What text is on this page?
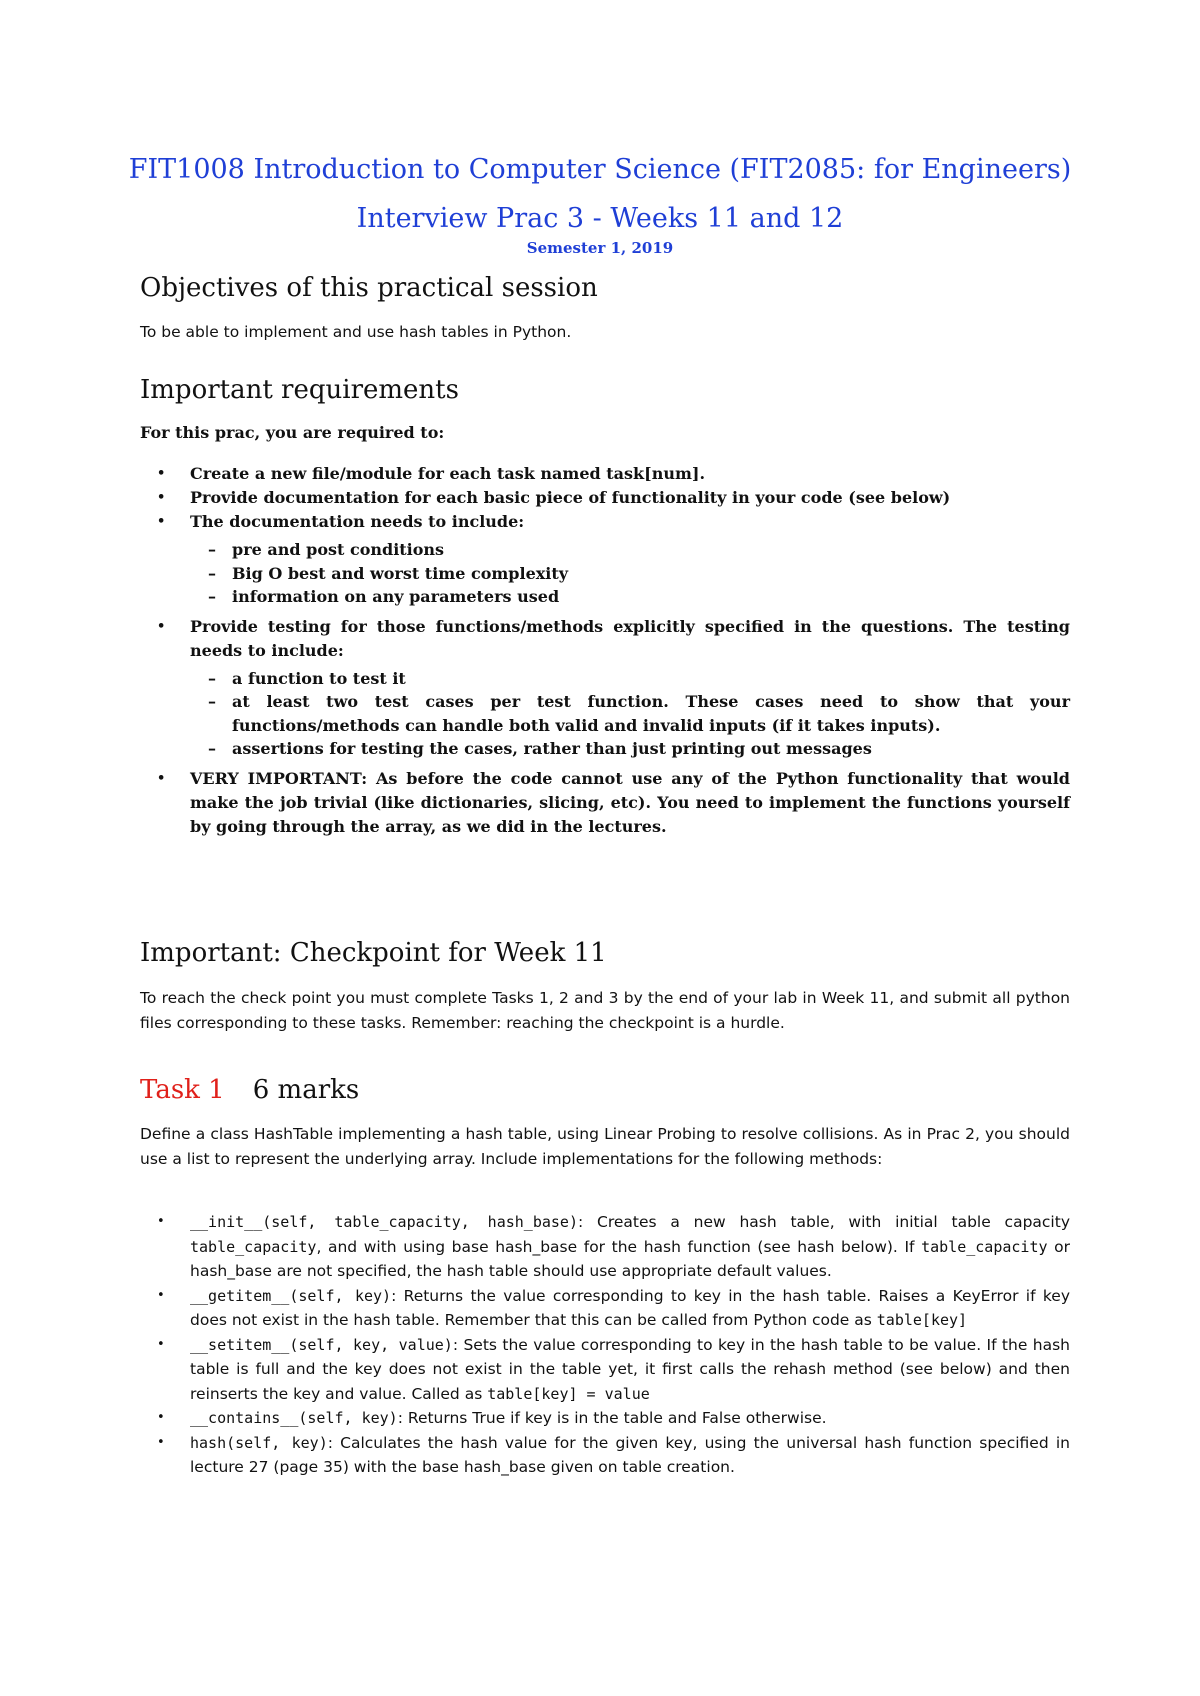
FIT1008 Introduction to Computer Science (FIT2085: for Engineers)
Interview Prac 3 - Weeks 11 and 12
Semester 1, 2019
Objectives of this practical session
To be able to implement and use hash tables in Python.
Important requirements
For this prac, you are required to:
• Create a new file/module for each task named task[num].
• Provide documentation for each basic piece of functionality in your code (see below)
• The documentation needs to include:
– pre and post conditions
– Big O best and worst time complexity
– information on any parameters used
• Provide testing for those functions/methods explicitly specified in the questions. The testing needs to include:
– a function to test it
– at least two test cases per test function. These cases need to show that your functions/methods can handle both valid and invalid inputs (if it takes inputs).
– assertions for testing the cases, rather than just printing out messages
• VERY IMPORTANT: As before the code cannot use any of the Python functionality that would make the job trivial (like dictionaries, slicing, etc). You need to implement the functions yourself by going through the array, as we did in the lectures.
Important: Checkpoint for Week 11
To reach the check point you must complete Tasks 1, 2 and 3 by the end of your lab in Week 11, and submit all python files corresponding to these tasks. Remember: reaching the checkpoint is a hurdle.
Task 1 6 marks
Define a class HashTable implementing a hash table, using Linear Probing to resolve collisions. As in Prac 2, you should use a list to represent the underlying array. Include implementations for the following methods:
• __init__(self, table_capacity, hash_base): Creates a new hash table, with initial table capacity table_capacity, and with using base hash_base for the hash function (see hash below). If table_capacity or hash_base are not specified, the hash table should use appropriate default values.
• __getitem__(self, key): Returns the value corresponding to key in the hash table. Raises a KeyError if key does not exist in the hash table. Remember that this can be called from Python code as table[key]
• __setitem__(self, key, value): Sets the value corresponding to key in the hash table to be value. If the hash table is full and the key does not exist in the table yet, it first calls the rehash method (see below) and then reinserts the key and value. Called as table[key] = value
• __contains__(self, key): Returns True if key is in the table and False otherwise.
• hash(self, key): Calculates the hash value for the given key, using the universal hash function specified in lecture 27 (page 35) with the base hash_base given on table creation.
